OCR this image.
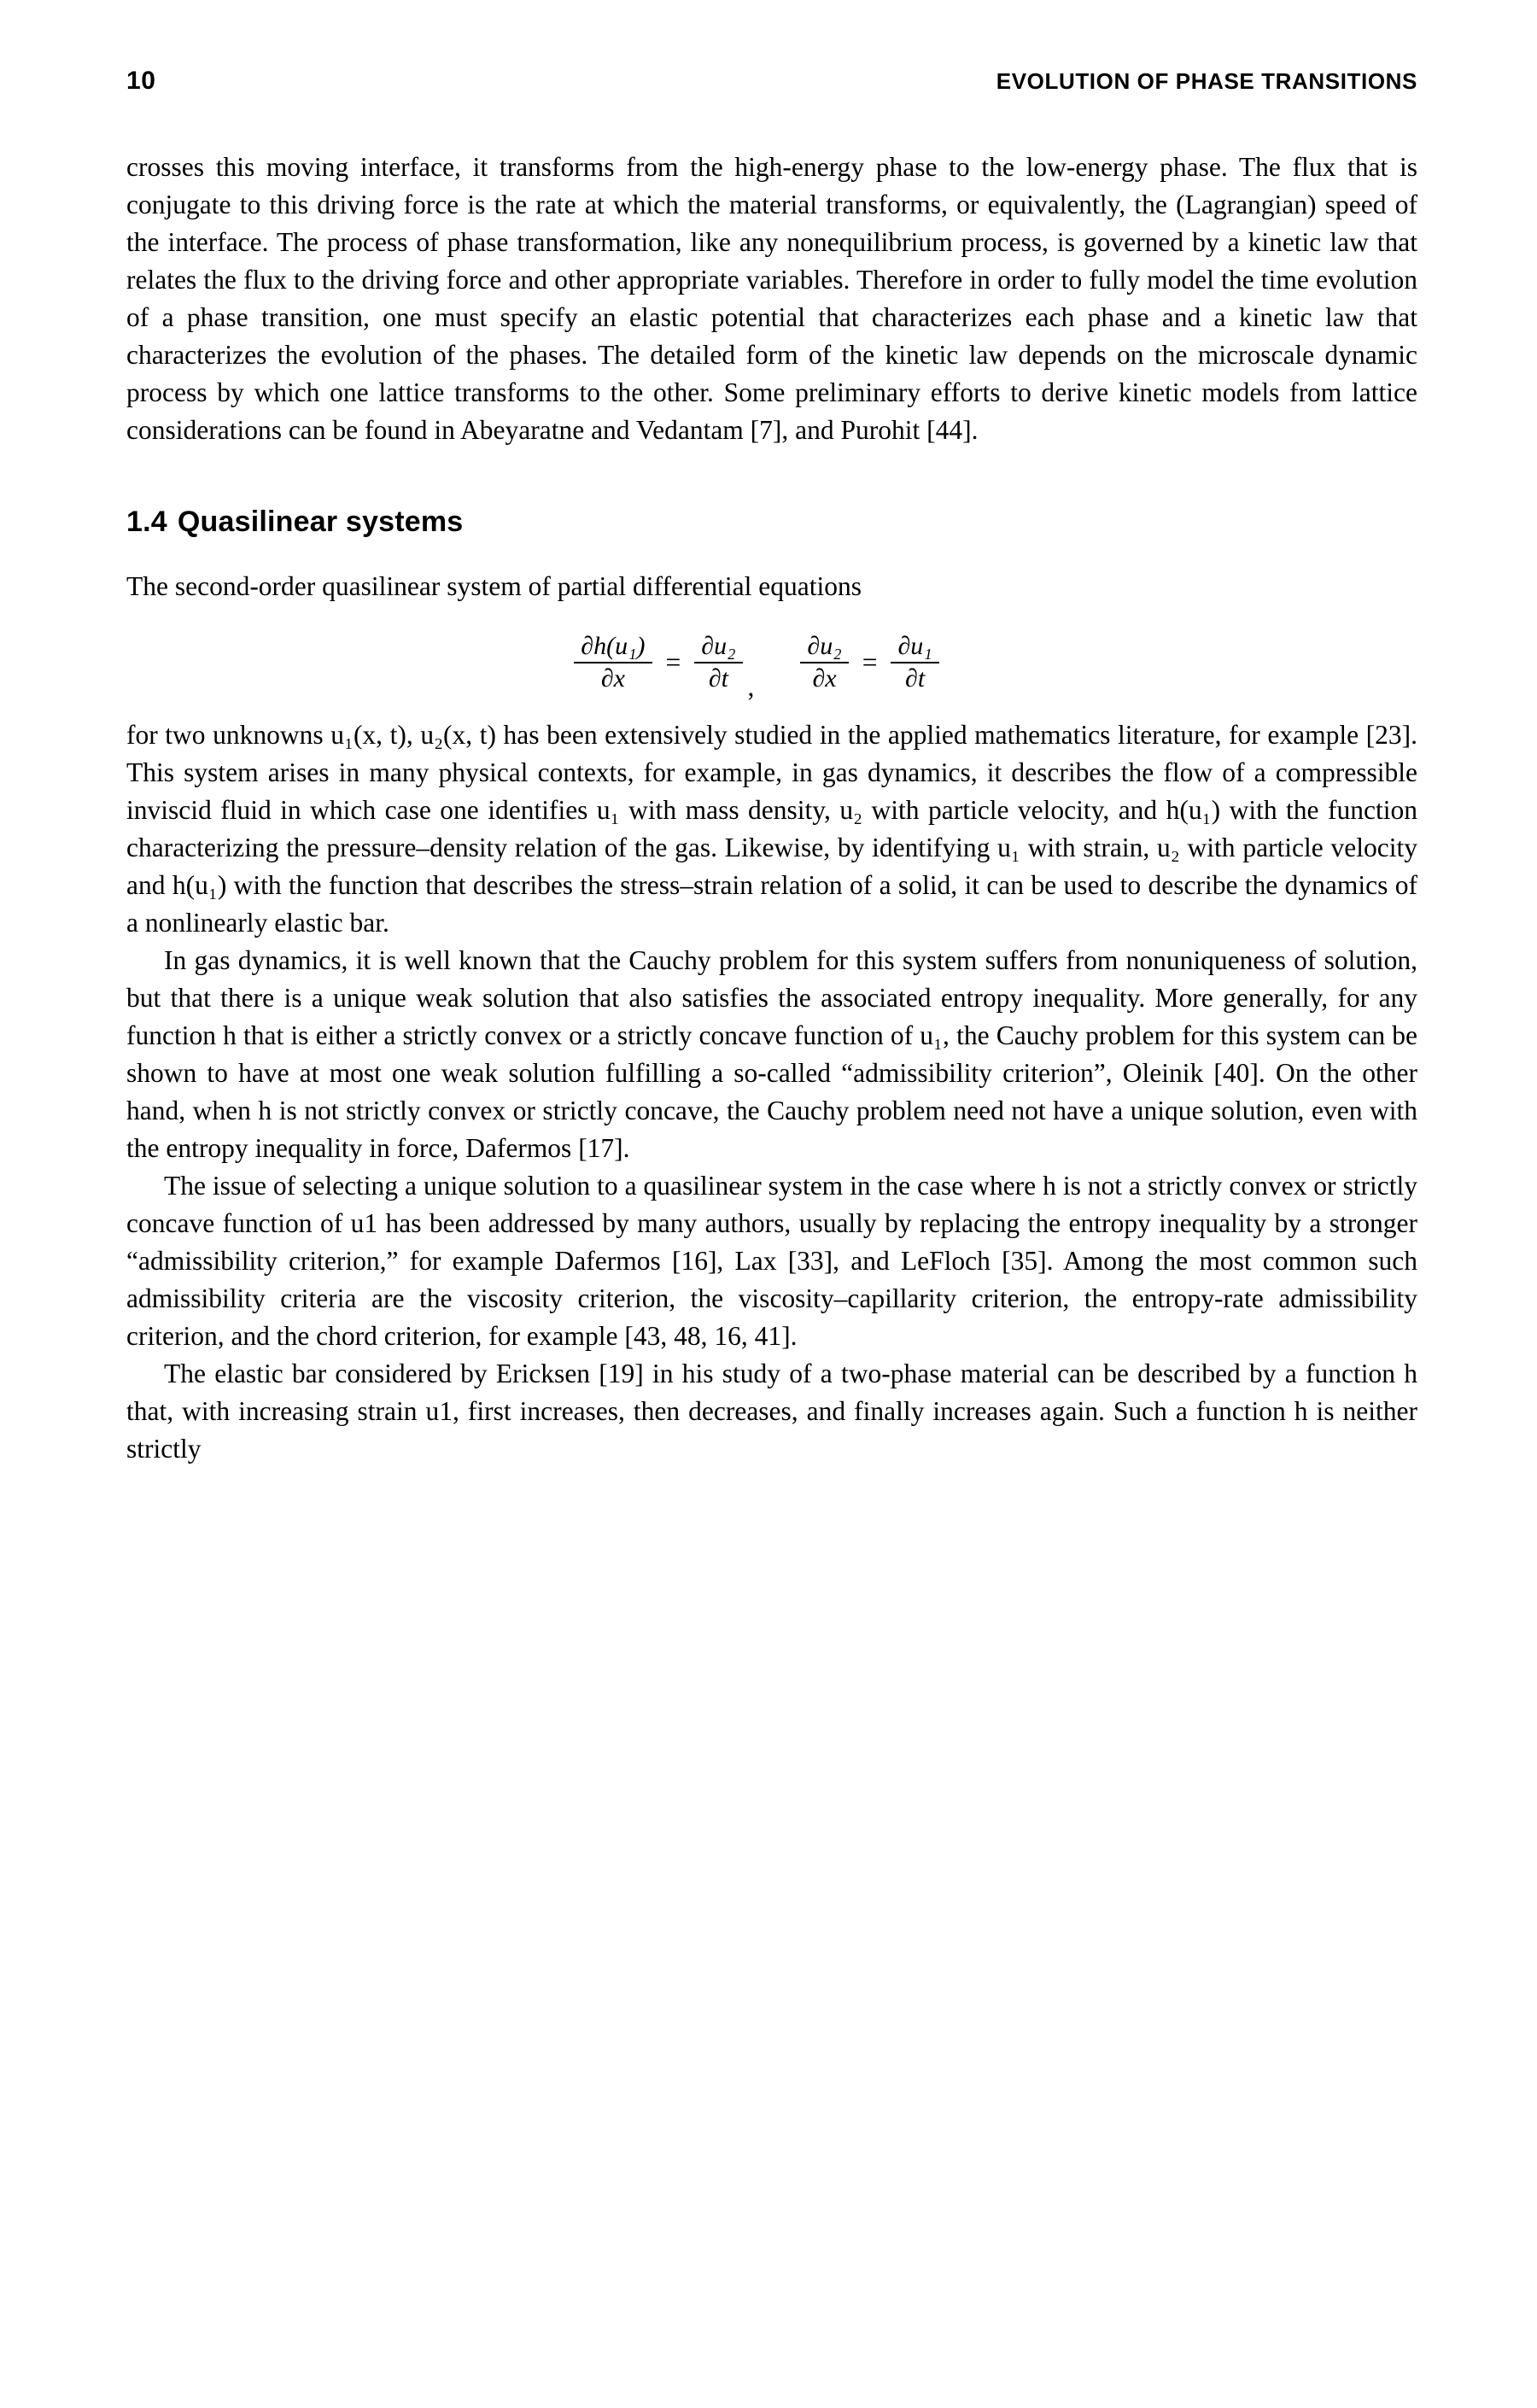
10	EVOLUTION OF PHASE TRANSITIONS

crosses this moving interface, it transforms from the high-energy phase to the low-energy phase. The flux that is conjugate to this driving force is the rate at which the material transforms, or equivalently, the (Lagrangian) speed of the interface. The process of phase transformation, like any nonequilibrium process, is governed by a kinetic law that relates the flux to the driving force and other appropriate variables. Therefore in order to fully model the time evolution of a phase transition, one must specify an elastic potential that characterizes each phase and a kinetic law that characterizes the evolution of the phases. The detailed form of the kinetic law depends on the microscale dynamic process by which one lattice transforms to the other. Some preliminary efforts to derive kinetic models from lattice considerations can be found in Abeyaratne and Vedantam [7], and Purohit [44].

1.4 Quasilinear systems

The second-order quasilinear system of partial differential equations

$\frac{\text{∂h(u₁)}}{\partial x} = \frac{\text{∂u₂}}{\partial t}$ , $\frac{\text{∂u₂}}{\partial x} = \frac{\text{∂u₁}}{\partial t}$

for two unknowns u₁(x, t), u₂(x, t) has been extensively studied in the applied mathematics literature, for example [23]. This system arises in many physical contexts, for example, in gas dynamics, it describes the flow of a compressible inviscid fluid in which case one identifies u₁ with mass density, u₂ with particle velocity, and h(u₁) with the function characterizing the pressure–density relation of the gas. Likewise, by identifying u₁ with strain, u₂ with particle velocity and h(u₁) with the function that describes the stress–strain relation of a solid, it can be used to describe the dynamics of a nonlinearly elastic bar.

In gas dynamics, it is well known that the Cauchy problem for this system suffers from nonuniqueness of solution, but that there is a unique weak solution that also satisfies the associated entropy inequality. More generally, for any function h that is either a strictly convex or a strictly concave function of u₁, the Cauchy problem for this system can be shown to have at most one weak solution fulfilling a so-called “admissibility criterion”, Oleinik [40]. On the other hand, when h is not strictly convex or strictly concave, the Cauchy problem need not have a unique solution, even with the entropy inequality in force, Dafermos [17].

The issue of selecting a unique solution to a quasilinear system in the case where h is not a strictly convex or strictly concave function of u1 has been addressed by many authors, usually by replacing the entropy inequality by a stronger “admissibility criterion,” for example Dafermos [16], Lax [33], and LeFloch [35]. Among the most common such admissibility criteria are the viscosity criterion, the viscosity–capillarity criterion, the entropy-rate admissibility criterion, and the chord criterion, for example [43, 48, 16, 41].

The elastic bar considered by Ericksen [19] in his study of a two-phase material can be described by a function h that, with increasing strain u1, first increases, then decreases, and finally increases again. Such a function h is neither strictly
